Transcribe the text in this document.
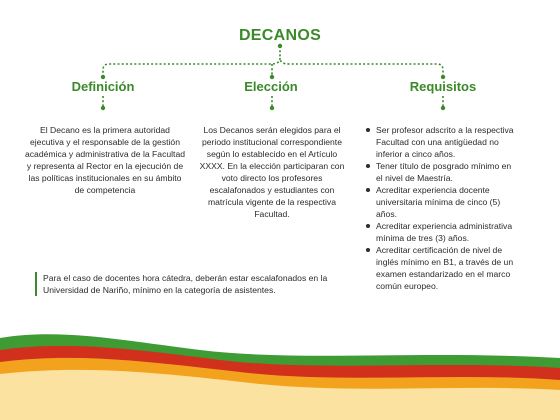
DECANOS
Definición	Elección	Requisitos
El Decano es la primera autoridad ejecutiva y el responsable de la gestión académica y administrativa de la Facultad y representa al Rector en la ejecución de las políticas institucionales en su ámbito de competencia
Los Decanos serán elegidos para el periodo institucional correspondiente según lo establecido en el Artículo XXXX. En la elección participaran con voto directo los profesores escalafonados y estudiantes con matrícula vigente de la respectiva Facultad.
Ser profesor adscrito a la respectiva Facultad con una antigüedad no inferior a cinco años.
Tener título de posgrado mínimo en el nivel de Maestría.
Acreditar experiencia docente universitaria mínima de cinco (5) años.
Acreditar experiencia administrativa mínima de tres (3) años.
Acreditar certificación de nivel de inglés mínimo en B1, a través de un examen estandarizado en el marco común europeo.
Para el caso de docentes hora cátedra, deberán estar escalafonados en la Universidad de Nariño, mínimo en la categoría de asistentes.
